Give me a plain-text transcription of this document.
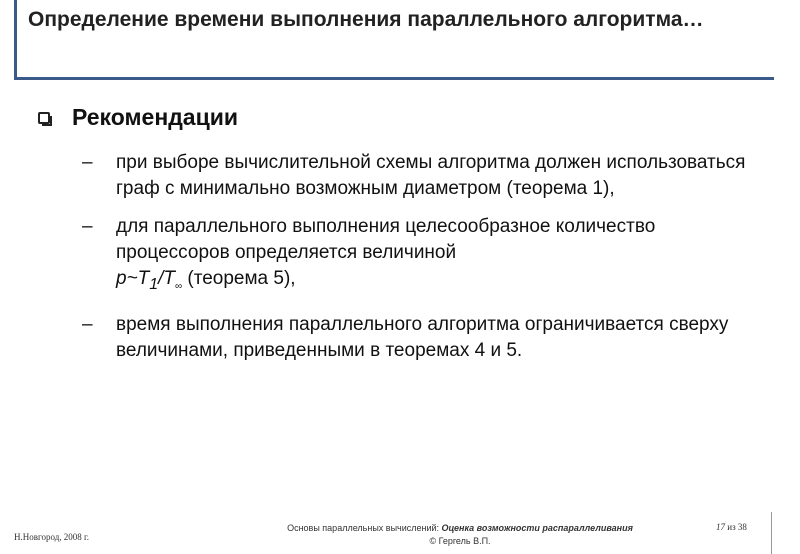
Определение времени выполнения параллельного алгоритма…
Рекомендации
–	при выборе вычислительной схемы алгоритма должен использоваться граф с минимально возможным диаметром (теорема 1),
–	для параллельного выполнения целесообразное количество процессоров определяется величиной
$p\sim T_1/T_\infty$ (теорема 5),
–	время выполнения параллельного алгоритма ограничивается сверху величинами, приведенными в теоремах 4 и 5.
Н.Новгород, 2008 г.
Основы параллельных вычислений: Оценка возможности распараллеливания
© Гергель В.П.
17 из 38
